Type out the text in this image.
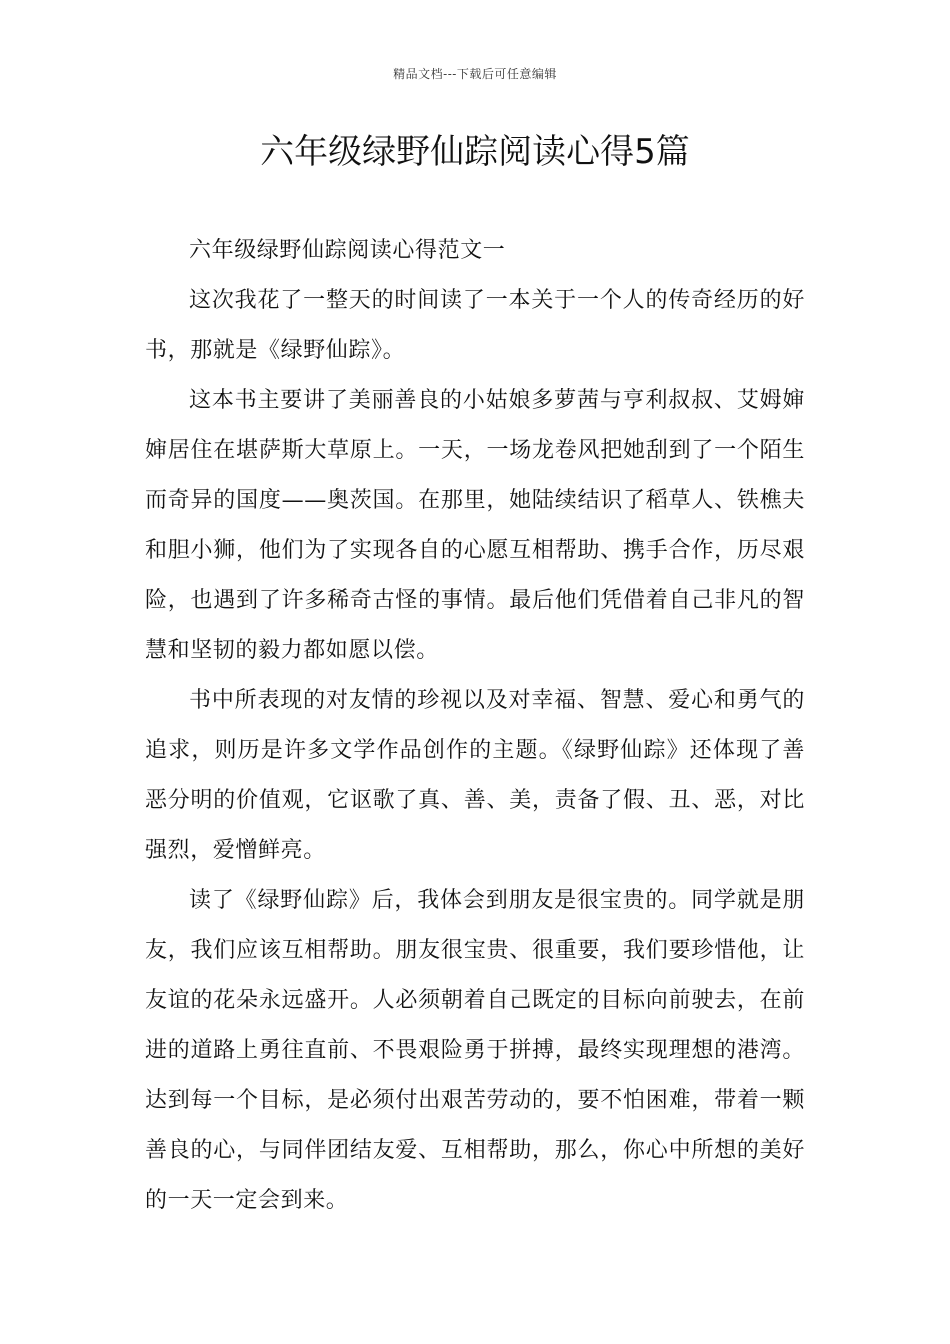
精品文档---下载后可任意编辑
六年级绿野仙踪阅读心得5篇

六年级绿野仙踪阅读心得范文一

这次我花了一整天的时间读了一本关于一个人的传奇经历的好书，那就是《绿野仙踪》。

这本书主要讲了美丽善良的小姑娘多萝茜与亨利叔叔、艾姆婶婶居住在堪萨斯大草原上。一天，一场龙卷风把她刮到了一个陌生而奇异的国度——奥茨国。在那里，她陆续结识了稻草人、铁樵夫和胆小狮，他们为了实现各自的心愿互相帮助、携手合作，历尽艰险，也遇到了许多稀奇古怪的事情。最后他们凭借着自己非凡的智慧和坚韧的毅力都如愿以偿。

书中所表现的对友情的珍视以及对幸福、智慧、爱心和勇气的追求，则历是许多文学作品创作的主题。《绿野仙踪》还体现了善恶分明的价值观，它讴歌了真、善、美，责备了假、丑、恶，对比强烈，爱憎鲜亮。

读了《绿野仙踪》后，我体会到朋友是很宝贵的。同学就是朋友，我们应该互相帮助。朋友很宝贵、很重要，我们要珍惜他，让友谊的花朵永远盛开。人必须朝着自己既定的目标向前驶去，在前进的道路上勇往直前、不畏艰险勇于拼搏，最终实现理想的港湾。达到每一个目标，是必须付出艰苦劳动的，要不怕困难，带着一颗善良的心，与同伴团结友爱、互相帮助，那么，你心中所想的美好的一天一定会到来。
